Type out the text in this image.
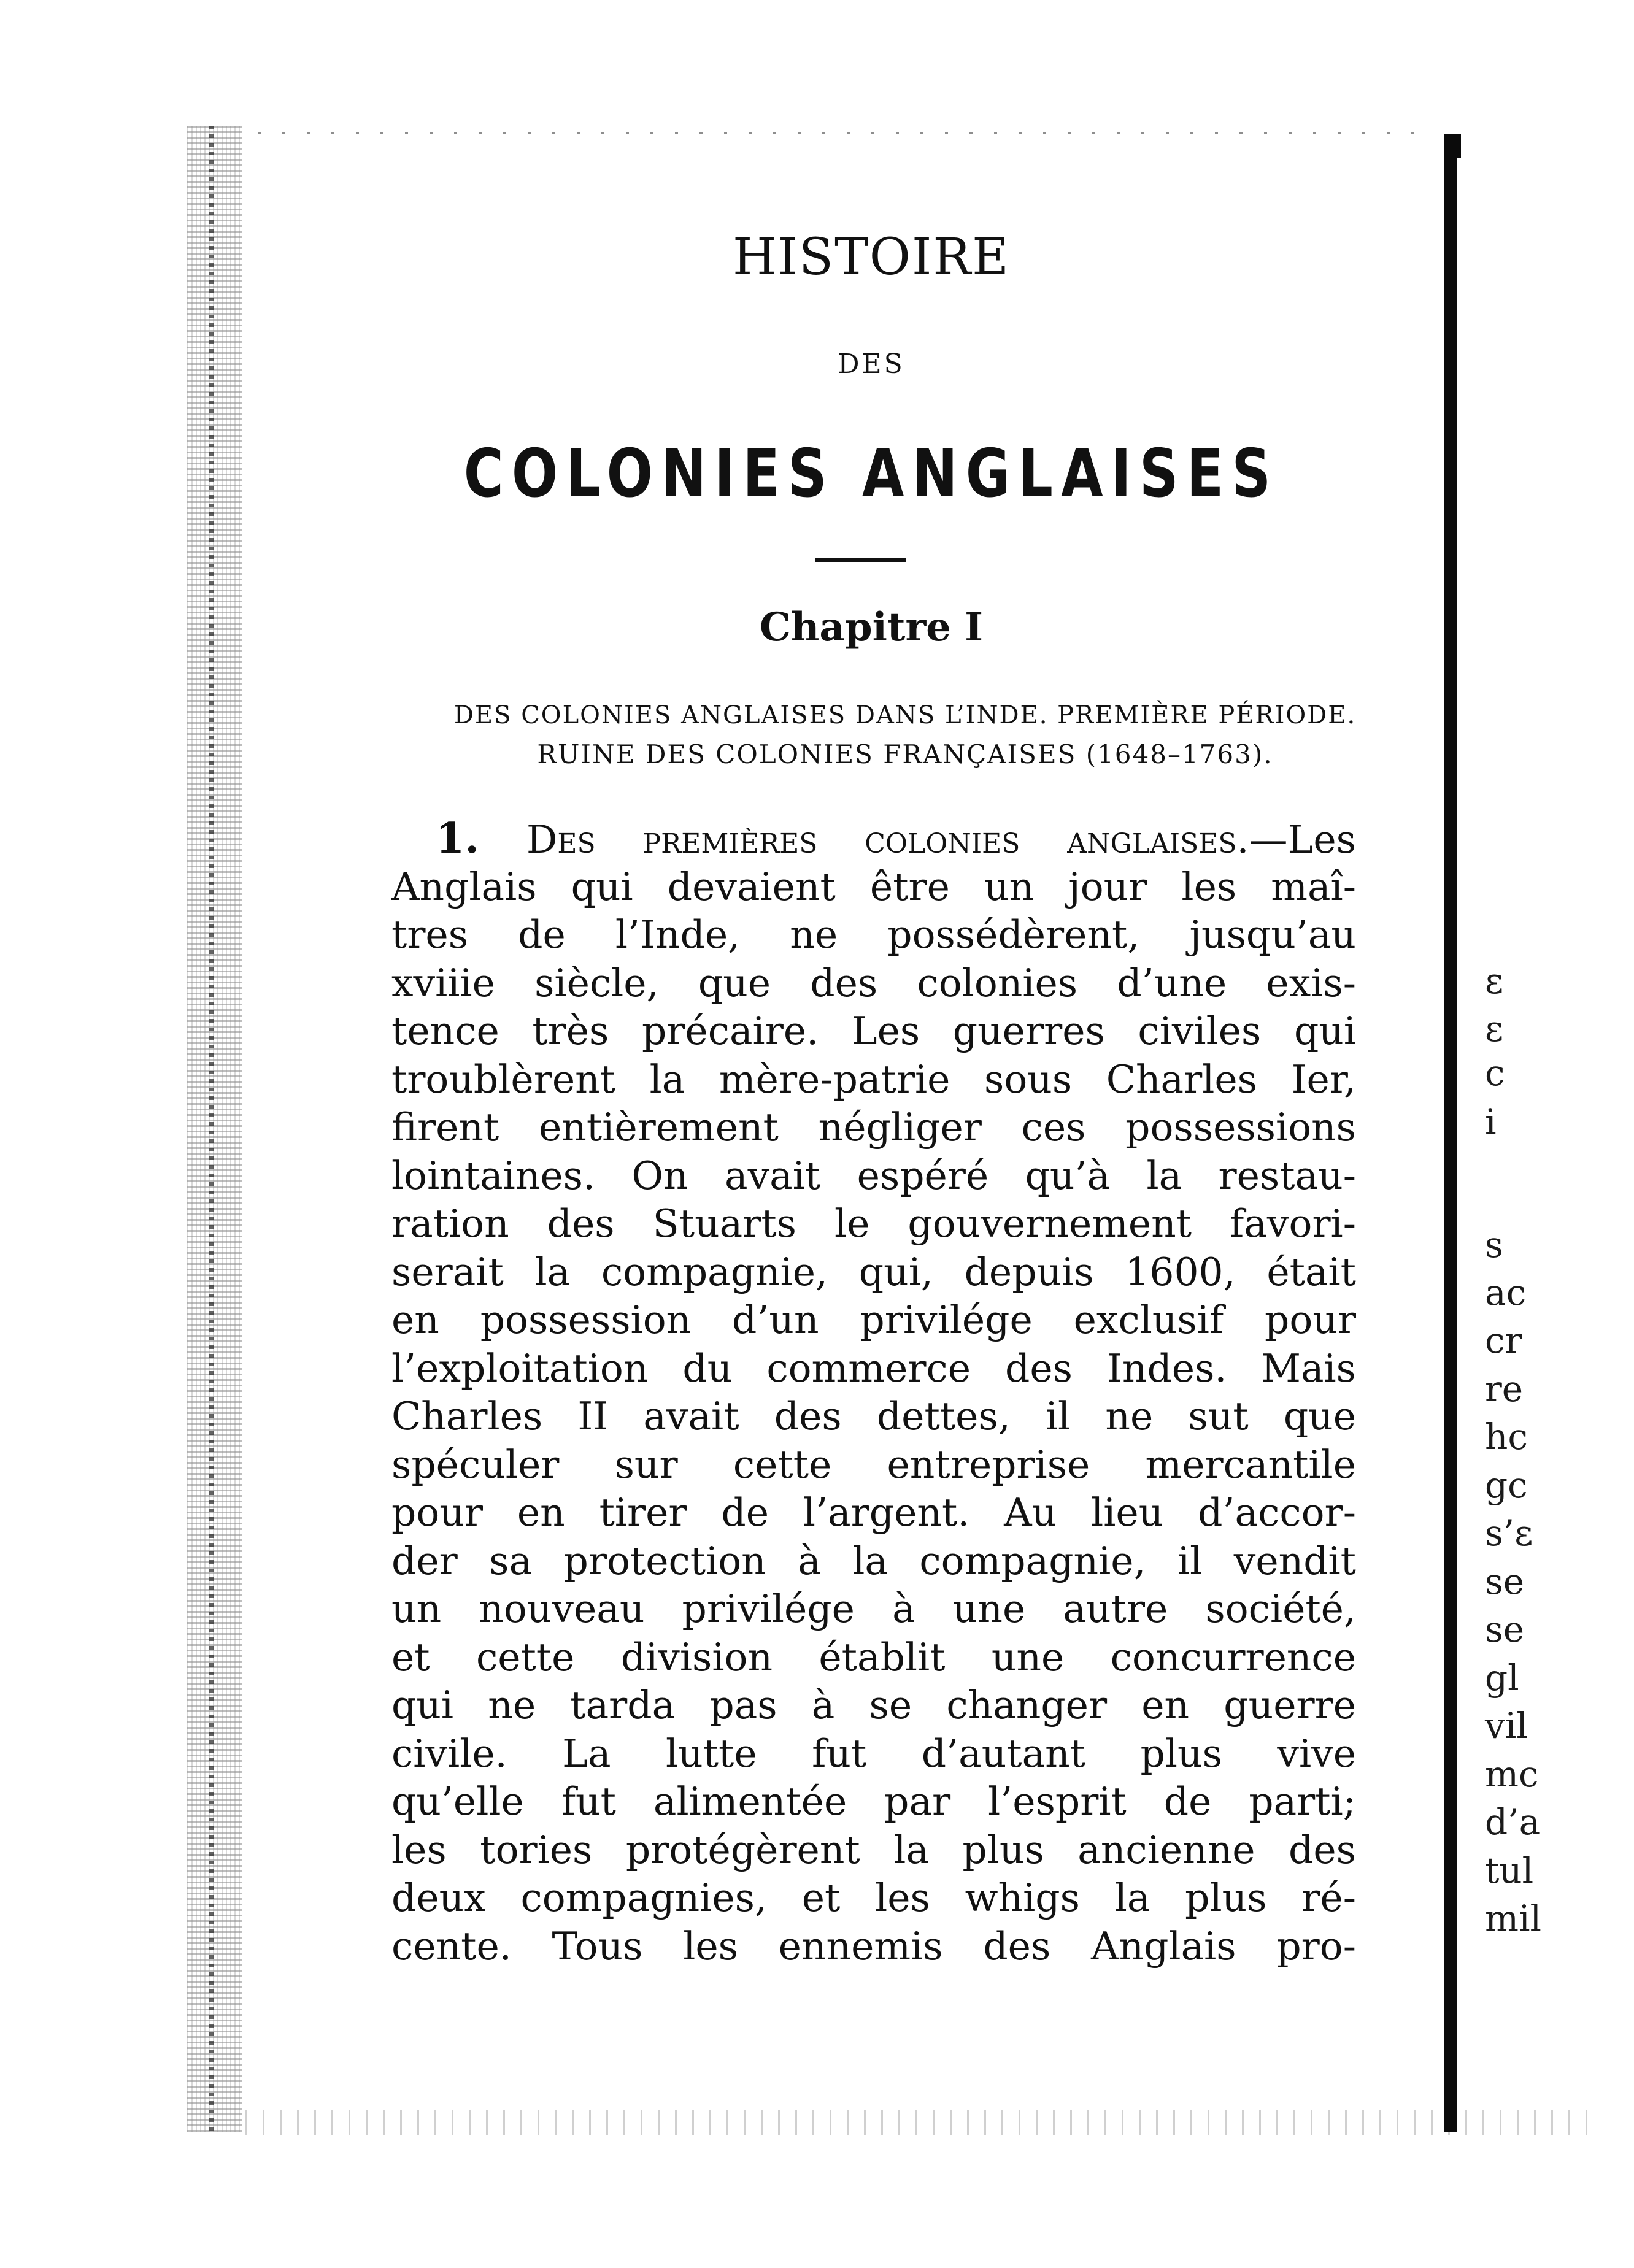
HISTOIRE
DES
COLONIES ANGLAISES
Chapitre I
DES COLONIES ANGLAISES DANS L’INDE. PREMIÈRE PÉRIODE.
RUINE DES COLONIES FRANÇAISES (1648–1763).
1. Des premières colonies anglaises.—Les
Anglais qui devaient être un jour les maî-
tres de l’Inde, ne possédèrent, jusqu’au
xviiie siècle, que des colonies d’une exis-
tence très précaire. Les guerres civiles qui
troublèrent la mère-patrie sous Charles Ier,
firent entièrement négliger ces possessions
lointaines. On avait espéré qu’à la restau-
ration des Stuarts le gouvernement favori-
serait la compagnie, qui, depuis 1600, était
en possession d’un privilége exclusif pour
l’exploitation du commerce des Indes. Mais
Charles II avait des dettes, il ne sut que
spéculer sur cette entreprise mercantile
pour en tirer de l’argent. Au lieu d’accor-
der sa protection à la compagnie, il vendit
un nouveau privilége à une autre société,
et cette division établit une concurrence
qui ne tarda pas à se changer en guerre
civile. La lutte fut d’autant plus vive
qu’elle fut alimentée par l’esprit de parti;
les tories protégèrent la plus ancienne des
deux compagnies, et les whigs la plus ré-
cente. Tous les ennemis des Anglais pro-
ε
ε
c
i
s
ac
cr
re
hc
gc
s’ε
se
se
gl
vil
mc
d’a
tul
mil
